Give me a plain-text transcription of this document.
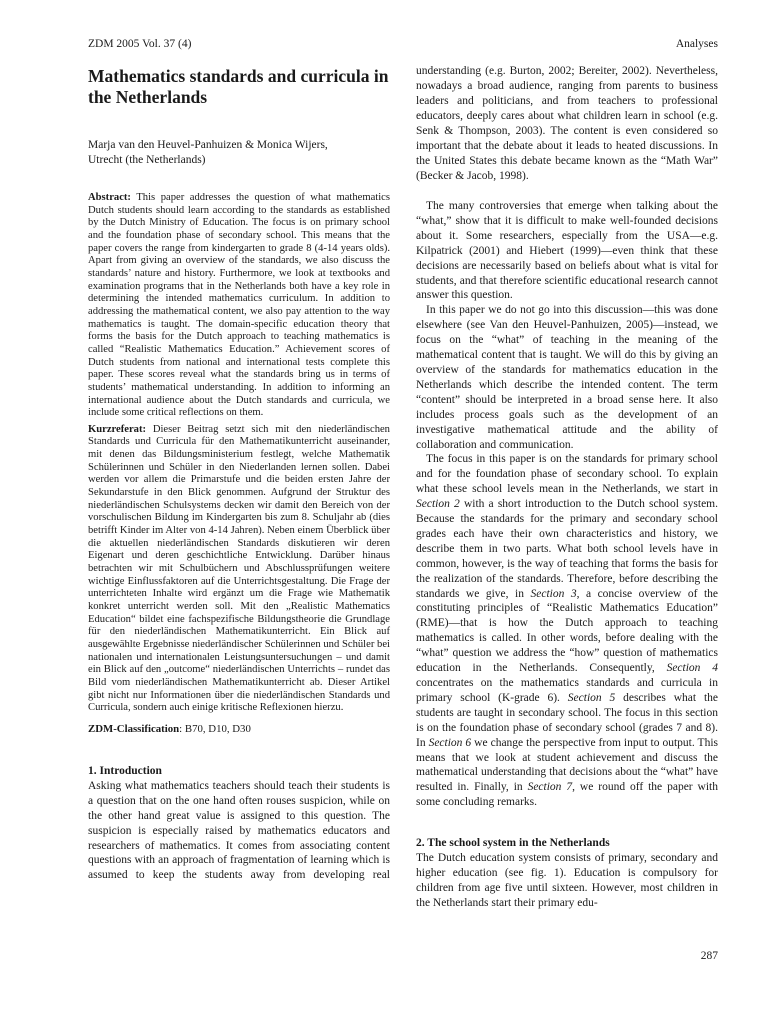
ZDM 2005 Vol. 37 (4)	Analyses

Mathematics standards and curricula in the Netherlands

Marja van den Heuvel-Panhuizen & Monica Wijers,

Utrecht (the Netherlands)

Abstract: This paper addresses the question of what mathematics Dutch students should learn according to the standards as established by the Dutch Ministry of Education. The focus is on primary school and the foundation phase of secondary school. This means that the paper covers the range from kindergarten to grade 8 (4-14 years olds). Apart from giving an overview of the standards, we also discuss the standards’ nature and history. Furthermore, we look at textbooks and examination programs that in the Netherlands both have a key role in determining the intended mathematics curriculum. In addition to addressing the mathematical content, we also pay attention to the way mathematics is taught. The domain-specific education theory that forms the basis for the Dutch approach to teaching mathematics is called “Realistic Mathematics Education.” Achievement scores of Dutch students from national and international tests complete this paper. These scores reveal what the standards bring us in terms of students’ mathematical understanding. In addition to informing an international audience about the Dutch standards and curricula, we include some critical reflections on them.

Kurzreferat: Dieser Beitrag setzt sich mit den niederländischen Standards und Curricula für den Mathematikunterricht auseinander, mit denen das Bildungsministerium festlegt, welche Mathematik Schülerinnen und Schüler in den Niederlanden lernen sollen. Dabei werden vor allem die Primarstufe und die beiden ersten Jahre der Sekundarstufe in den Blick genommen. Aufgrund der Struktur des niederländischen Schulsystems decken wir damit den Bereich von der vorschulischen Bildung im Kindergarten bis zum 8. Schuljahr ab (dies betrifft Kinder im Alter von 4-14 Jahren). Neben einem Überblick über die aktuellen niederländischen Standards diskutieren wir deren Eigenart und deren geschichtliche Entwicklung. Darüber hinaus betrachten wir mit Schulbüchern und Abschlussprüfungen weitere wichtige Einflussfaktoren auf die Unterrichtsgestaltung. Die Frage der unterrichteten Inhalte wird ergänzt um die Frage wie Mathematik konkret unterricht werden soll. Mit den „Realistic Mathematics Education“ bildet eine fachspezifische Bildungstheorie die Grundlage für den niederländischen Mathematikunterricht. Ein Blick auf ausgewählte Ergebnisse niederländischer Schülerinnen und Schüler bei nationalen und internationalen Leistungsuntersuchungen – und damit ein Blick auf den „outcome“ niederländischen Unterrichts – rundet das Bild vom niederländischen Mathematikunterricht ab. Dieser Artikel gibt nicht nur Informationen über die niederländischen Standards und Curricula, sondern auch einige kritische Reflexionen hierzu.

ZDM-Classification: B70, D10, D30

1. Introduction

Asking what mathematics teachers should teach their students is a question that on the one hand often rouses suspicion, while on the other hand great value is assigned to this question. The suspicion is especially raised by mathematics educators and researchers of mathematics. It comes from associating content questions with an approach of fragmentation of learning which is assumed to keep the students away from developing real

understanding (e.g. Burton, 2002; Bereiter, 2002). Nevertheless, nowadays a broad audience, ranging from parents to business leaders and politicians, and from teachers to professional educators, deeply cares about what children learn in school (e.g. Senk & Thompson, 2003). The content is even considered so important that the debate about it leads to heated discussions. In the United States this debate became known as the “Math War” (Becker & Jacob, 1998).

The many controversies that emerge when talking about the “what,” show that it is difficult to make well-founded decisions about it. Some researchers, especially from the USA—e.g. Kilpatrick (2001) and Hiebert (1999)—even think that these decisions are necessarily based on beliefs about what is vital for students, and that therefore scientific educational research cannot answer this question.

In this paper we do not go into this discussion—this was done elsewhere (see Van den Heuvel-Panhuizen, 2005)—instead, we focus on the “what” of teaching in the meaning of the mathematical content that is taught. We will do this by giving an overview of the standards for mathematics education in the Netherlands which describe the intended content. The term “content” should be interpreted in a broad sense here. It also includes process goals such as the development of an investigative mathematical attitude and the ability of collaboration and communication.

The focus in this paper is on the standards for primary school and for the foundation phase of secondary school. To explain what these school levels mean in the Netherlands, we start in Section 2 with a short introduction to the Dutch school system. Because the standards for the primary and secondary school grades each have their own characteristics and history, we describe them in two parts. What both school levels have in common, however, is the way of teaching that forms the basis for the realization of the standards. Therefore, before describing the standards we give, in Section 3, a concise overview of the constituting principles of “Realistic Mathematics Education” (RME)—that is how the Dutch approach to teaching mathematics is called. In other words, before dealing with the “what” question we address the “how” question of mathematics education in the Netherlands. Consequently, Section 4 concentrates on the mathematics standards and curricula in primary school (K-grade 6). Section 5 describes what the students are taught in secondary school. The focus in this section is on the foundation phase of secondary school (grades 7 and 8). In Section 6 we change the perspective from input to output. This means that we look at student achievement and discuss the mathematical understanding that decisions about the “what” have resulted in. Finally, in Section 7, we round off the paper with some concluding remarks.

2. The school system in the Netherlands

The Dutch education system consists of primary, secondary and higher education (see fig. 1). Education is compulsory for children from age five until sixteen. However, most children in the Netherlands start their primary edu-

287
